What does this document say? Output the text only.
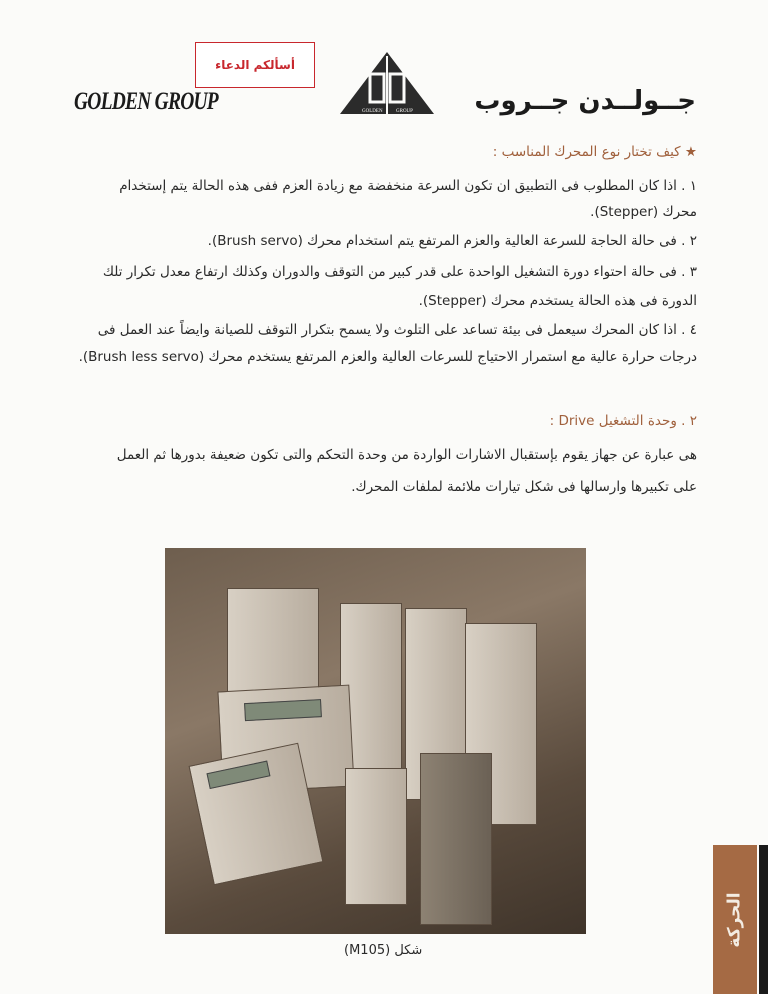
أسألكم الدعاء
GOLDEN GROUP	GOLDEN	GROUP جــولــدن جــروب
★ كيف تختار نوع المحرك المناسب :
١ . اذا كان المطلوب فى التطبيق ان تكون السرعة منخفضة مع زيادة العزم ففى هذه الحالة يتم إستخدام
محرك (Stepper).
٢ . فى حالة الحاجة للسرعة العالية والعزم المرتفع يتم استخدام محرك (Brush servo).
٣ . فى حالة احتواء دورة التشغيل الواحدة على قدر كبير من التوقف والدوران وكذلك ارتفاع معدل تكرار تلك
الدورة فى هذه الحالة يستخدم محرك (Stepper).
٤ . اذا كان المحرك سيعمل فى بيئة تساعد على التلوث ولا يسمح بتكرار التوقف للصيانة وايضاً عند العمل فى
درجات حرارة عالية مع استمرار الاحتياج للسرعات العالية والعزم المرتفع يستخدم محرك (Brush less servo).
٢ . وحدة التشغيل Drive :
هى عبارة عن جهاز يقوم بإستقبال الاشارات الواردة من وحدة التحكم والتى تكون ضعيفة بدورها ثم العمل
على تكبيرها وارسالها فى شكل تيارات ملائمة لملفات المحرك.
شكل (M105)
الحركة
